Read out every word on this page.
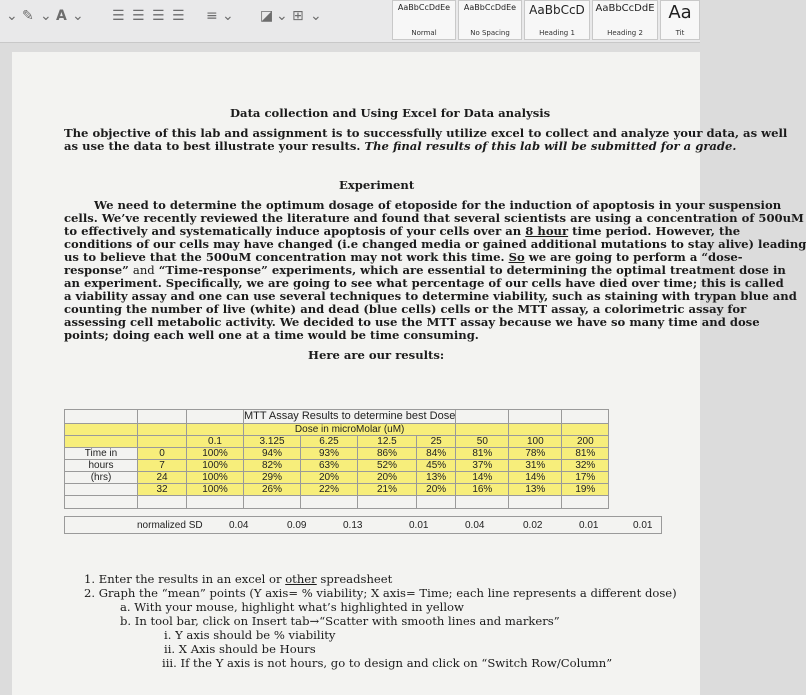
⌄ ✎ ⌄ A ⌄ ☰ ☰ ☰ ☰ ≡ ⌄ ◪ ⌄ ⊞ ⌄
AaBbCcDdEe
Normal
AaBbCcDdEe
No Spacing
AaBbCcD
Heading 1
AaBbCcDdE
Heading 2
Aa
Tit
Data collection and Using Excel for Data analysis
The objective of this lab and assignment is to successfully utilize excel to collect and analyze your data, as well
as use the data to best illustrate your results. The final results of this lab will be submitted for a grade.
Experiment
We need to determine the optimum dosage of etoposide for the induction of apoptosis in your suspension
cells. We’ve recently reviewed the literature and found that several scientists are using a concentration of 500uM
to effectively and systematically induce apoptosis of your cells over an 8 hour time period. However, the
conditions of our cells may have changed (i.e changed media or gained additional mutations to stay alive) leading
us to believe that the 500uM concentration may not work this time. So we are going to perform a “dose-
response” and “Time-response” experiments, which are essential to determining the optimal treatment dose in
an experiment. Specifically, we are going to see what percentage of our cells have died over time; this is called
a viability assay and one can use several techniques to determine viability, such as staining with trypan blue and
counting the number of live (white) and dead (blue cells) cells or the MTT assay, a colorimetric assay for
assessing cell metabolic activity. We decided to use the MTT assay because we have so many time and dose
points; doing each well one at a time would be time consuming.
Here are our results:
			MTT Assay Results to determine best Dose						
			Dose in microMolar (uM)						
		0.1	3.125	6.25	12.5	25	50	100	200
Time in	0	100%	94%	93%	86%	84%	81%	78%	81%
hours	7	100%	82%	63%	52%	45%	37%	31%	32%
(hrs)	24	100%	29%	20%	20%	13%	14%	14%	17%
	32	100%	26%	22%	21%	20%	16%	13%	19%

normalized SD	0.04	0.09	0.13	0.01	0.04	0.02	0.01	0.01
1. Enter the results in an excel or other spreadsheet
2. Graph the “mean” points (Y axis= % viability; X axis= Time; each line represents a different dose)
a. With your mouse, highlight what’s highlighted in yellow
b. In tool bar, click on Insert tab→“Scatter with smooth lines and markers”
i. Y axis should be % viability
ii. X Axis should be Hours
iii. If the Y axis is not hours, go to design and click on “Switch Row/Column”
